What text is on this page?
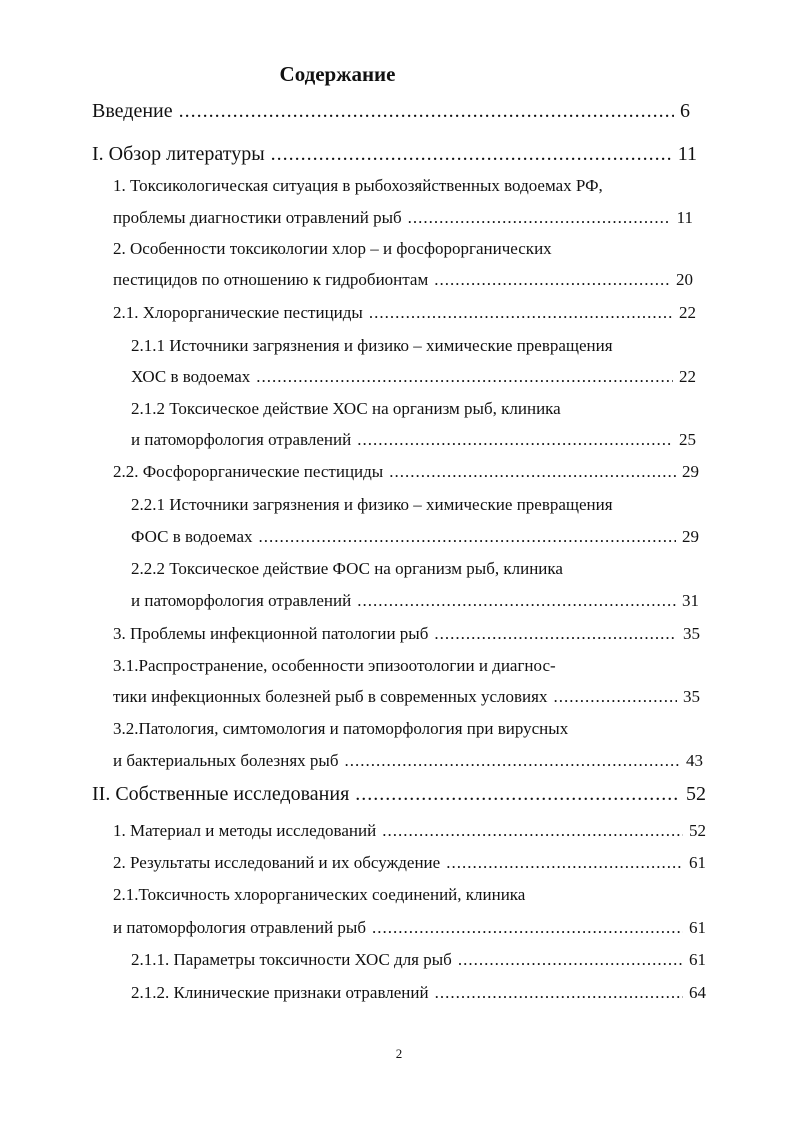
Содержание
Введение .....	6
I. Обзор литературы .....	11
1. Токсикологическая ситуация в рыбохозяйственных водоемах РФ,
проблемы диагностики отравлений рыб .....	11
2. Особенности токсикологии хлор – и фосфорорганических
пестицидов по отношению к гидробионтам .....	20
2.1. Хлорорганические пестициды .....	22
2.1.1 Источники загрязнения и физико – химические превращения
ХОС в водоемах .....	22
2.1.2 Токсическое действие ХОС на организм рыб, клиника
и патоморфология отравлений .....	25
2.2. Фосфорорганические пестициды .....	29
2.2.1 Источники загрязнения и физико – химические превращения
ФОС в водоемах .....	29
2.2.2 Токсическое действие ФОС на организм рыб, клиника
и патоморфология отравлений .....	31
3. Проблемы инфекционной патологии рыб .....	35
3.1.Распространение, особенности эпизоотологии и диагнос-
тики инфекционных болезней рыб в современных условиях .....	35
3.2.Патология, симтомология и патоморфология при вирусных
и бактериальных болезнях рыб .....	43
II. Собственные исследования .....	52
1. Материал и методы исследований .....	52
2. Результаты исследований и их обсуждение .....	61
2.1.Токсичность хлорорганических соединений, клиника
и патоморфология отравлений рыб .....	61
2.1.1. Параметры токсичности ХОС для рыб .....	61
2.1.2. Клинические признаки отравлений .....	64
2
